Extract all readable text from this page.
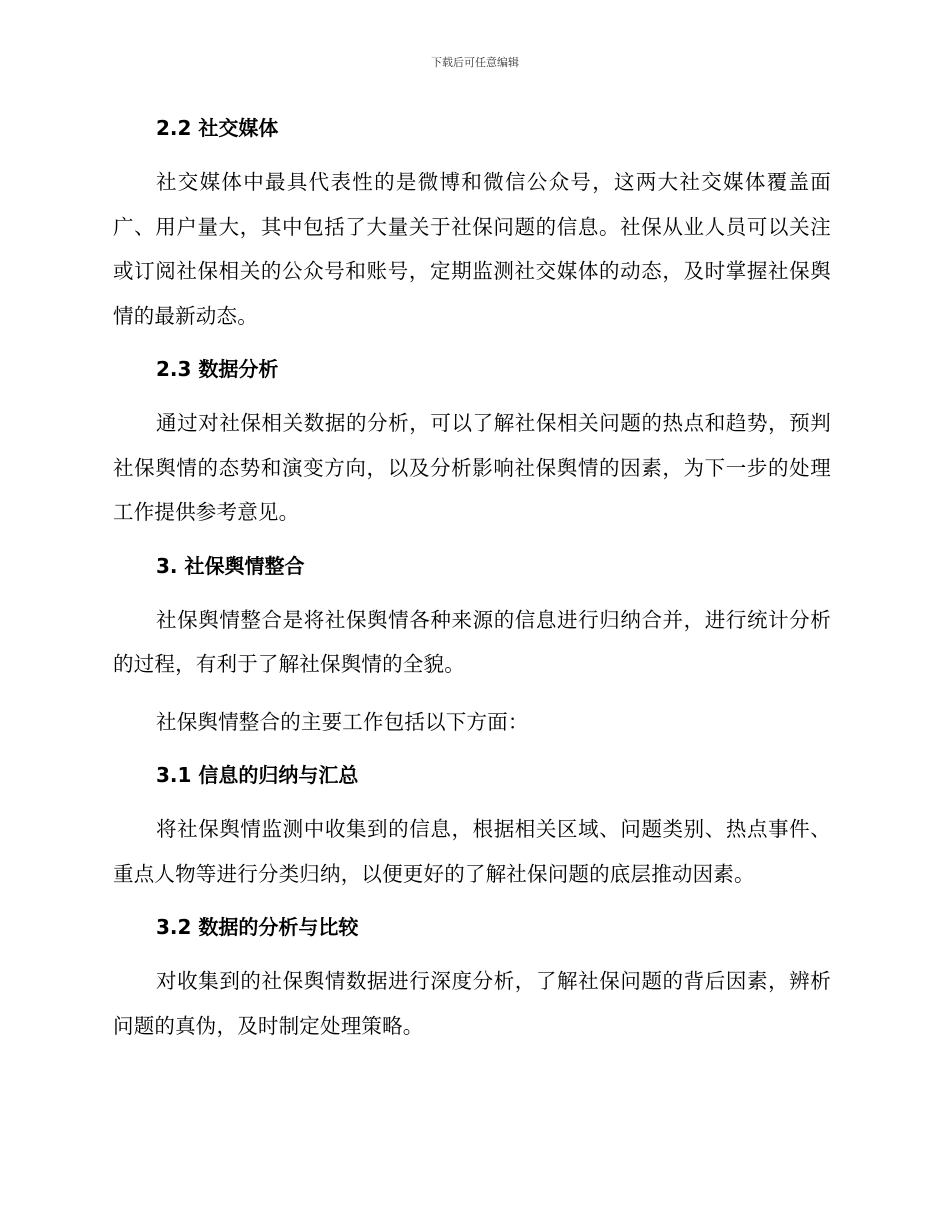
下载后可任意编辑
2.2 社交媒体

社交媒体中最具代表性的是微博和微信公众号，这两大社交媒体覆盖面广、用户量大，其中包括了大量关于社保问题的信息。社保从业人员可以关注或订阅社保相关的公众号和账号，定期监测社交媒体的动态，及时掌握社保舆情的最新动态。

2.3 数据分析

通过对社保相关数据的分析，可以了解社保相关问题的热点和趋势，预判社保舆情的态势和演变方向，以及分析影响社保舆情的因素，为下一步的处理工作提供参考意见。

3. 社保舆情整合

社保舆情整合是将社保舆情各种来源的信息进行归纳合并，进行统计分析的过程，有利于了解社保舆情的全貌。

社保舆情整合的主要工作包括以下方面：

3.1 信息的归纳与汇总

将社保舆情监测中收集到的信息，根据相关区域、问题类别、热点事件、重点人物等进行分类归纳，以便更好的了解社保问题的底层推动因素。

3.2 数据的分析与比较

对收集到的社保舆情数据进行深度分析，了解社保问题的背后因素，辨析问题的真伪，及时制定处理策略。
